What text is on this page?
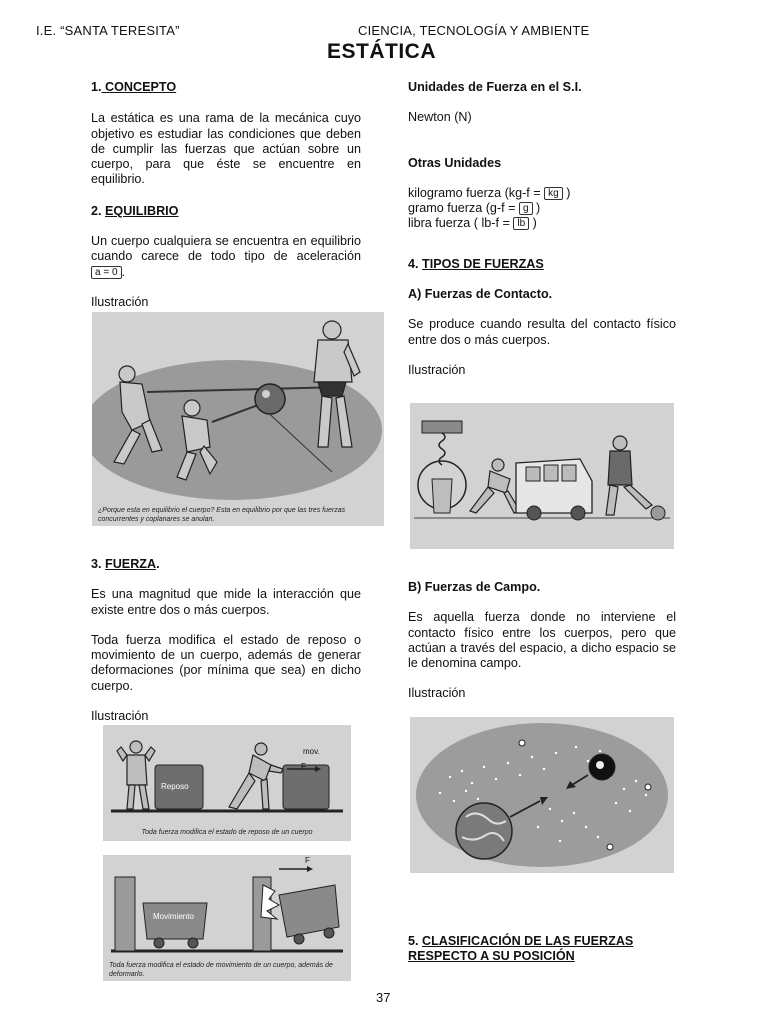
I.E. “SANTA TERESITA”	CIENCIA, TECNOLOGÍA Y AMBIENTE
ESTÁTICA

1. CONCEPTO

La estática es una rama de la mecánica cuyo objetivo es estudiar las condiciones que deben de cumplir las fuerzas que actúan sobre un cuerpo, para que éste se encuentre en equilibrio.

2. EQUILIBRIO

Un cuerpo cualquiera se encuentra en equilibrio cuando carece de todo tipo de aceleración a = 0 .

Ilustración

¿Porque esta en equilibrio el cuerpo? Esta en equilibrio por que las tres fuerzas concurrentes y coplanares se anulan.

3. FUERZA.

Es una magnitud que mide la interacción que existe entre dos o más cuerpos.

Toda fuerza modifica el estado de reposo o movimiento de un cuerpo, además de generar deformaciones (por mínima que sea) en dicho cuerpo.

Ilustración

Reposo
mov.
F
Toda fuerza modifica el estado de reposo de un cuerpo
Movimiento
F
Toda fuerza modifica el estado de movimiento de un cuerpo, además de deformarlo.

Unidades de Fuerza en el S.I.

Newton (N)

Otras Unidades

kilogramo fuerza (kg-f = kg )

gramo fuerza (g-f = g )

libra fuerza ( lb-f = lb )

4. TIPOS DE FUERZAS

A) Fuerzas de Contacto.

Se produce cuando resulta del contacto físico entre dos o más cuerpos.

Ilustración

B) Fuerzas de Campo.

Es aquella fuerza donde no interviene el contacto físico entre los cuerpos, pero que actúan a través del espacio, a dicho espacio se le denomina campo.

Ilustración

5. CLASIFICACIÓN DE LAS FUERZAS

RESPECTO A SU POSICIÓN

37
